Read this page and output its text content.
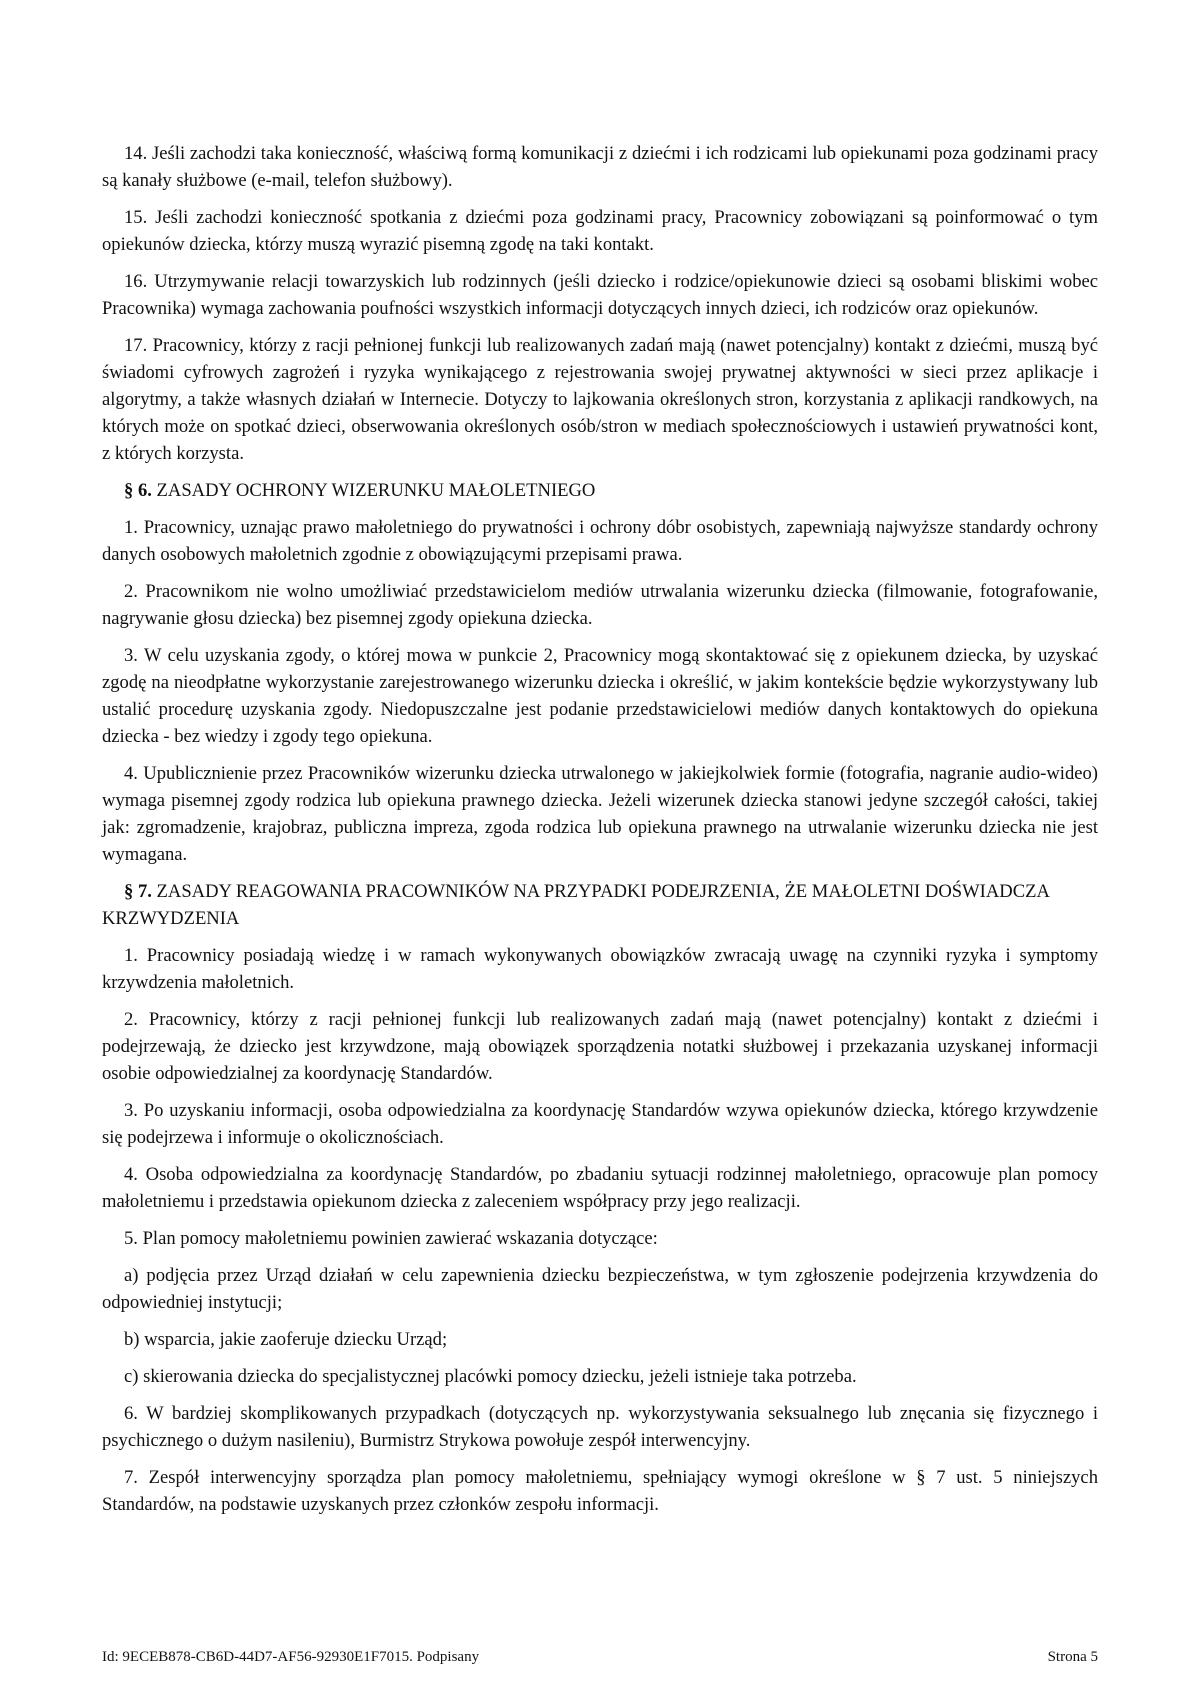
14. Jeśli zachodzi taka konieczność, właściwą formą komunikacji z dziećmi i ich rodzicami lub opiekunami poza godzinami pracy są kanały służbowe (e-mail, telefon służbowy).

15. Jeśli zachodzi konieczność spotkania z dziećmi poza godzinami pracy, Pracownicy zobowiązani są poinformować o tym opiekunów dziecka, którzy muszą wyrazić pisemną zgodę na taki kontakt.

16. Utrzymywanie relacji towarzyskich lub rodzinnych (jeśli dziecko i rodzice/opiekunowie dzieci są osobami bliskimi wobec Pracownika) wymaga zachowania poufności wszystkich informacji dotyczących innych dzieci, ich rodziców oraz opiekunów.

17. Pracownicy, którzy z racji pełnionej funkcji lub realizowanych zadań mają (nawet potencjalny) kontakt z dziećmi, muszą być świadomi cyfrowych zagrożeń i ryzyka wynikającego z rejestrowania swojej prywatnej aktywności w sieci przez aplikacje i algorytmy, a także własnych działań w Internecie. Dotyczy to lajkowania określonych stron, korzystania z aplikacji randkowych, na których może on spotkać dzieci, obserwowania określonych osób/stron w mediach społecznościowych i ustawień prywatności kont, z których korzysta.

§ 6. ZASADY OCHRONY WIZERUNKU MAŁOLETNIEGO

1. Pracownicy, uznając prawo małoletniego do prywatności i ochrony dóbr osobistych, zapewniają najwyższe standardy ochrony danych osobowych małoletnich zgodnie z obowiązującymi przepisami prawa.

2. Pracownikom nie wolno umożliwiać przedstawicielom mediów utrwalania wizerunku dziecka (filmowanie, fotografowanie, nagrywanie głosu dziecka) bez pisemnej zgody opiekuna dziecka.

3. W celu uzyskania zgody, o której mowa w punkcie 2, Pracownicy mogą skontaktować się z opiekunem dziecka, by uzyskać zgodę na nieodpłatne wykorzystanie zarejestrowanego wizerunku dziecka i określić, w jakim kontekście będzie wykorzystywany lub ustalić procedurę uzyskania zgody. Niedopuszczalne jest podanie przedstawicielowi mediów danych kontaktowych do opiekuna dziecka - bez wiedzy i zgody tego opiekuna.

4. Upublicznienie przez Pracowników wizerunku dziecka utrwalonego w jakiejkolwiek formie (fotografia, nagranie audio-wideo) wymaga pisemnej zgody rodzica lub opiekuna prawnego dziecka. Jeżeli wizerunek dziecka stanowi jedyne szczegół całości, takiej jak: zgromadzenie, krajobraz, publiczna impreza, zgoda rodzica lub opiekuna prawnego na utrwalanie wizerunku dziecka nie jest wymagana.

§ 7. ZASADY REAGOWANIA PRACOWNIKÓW NA PRZYPADKI PODEJRZENIA, ŻE MAŁOLETNI DOŚWIADCZA KRZWYDZENIA

1. Pracownicy posiadają wiedzę i w ramach wykonywanych obowiązków zwracają uwagę na czynniki ryzyka i symptomy krzywdzenia małoletnich.

2. Pracownicy, którzy z racji pełnionej funkcji lub realizowanych zadań mają (nawet potencjalny) kontakt z dziećmi i podejrzewają, że dziecko jest krzywdzone, mają obowiązek sporządzenia notatki służbowej i przekazania uzyskanej informacji osobie odpowiedzialnej za koordynację Standardów.

3. Po uzyskaniu informacji, osoba odpowiedzialna za koordynację Standardów wzywa opiekunów dziecka, którego krzywdzenie się podejrzewa i informuje o okolicznościach.

4. Osoba odpowiedzialna za koordynację Standardów, po zbadaniu sytuacji rodzinnej małoletniego, opracowuje plan pomocy małoletniemu i przedstawia opiekunom dziecka z zaleceniem współpracy przy jego realizacji.

5. Plan pomocy małoletniemu powinien zawierać wskazania dotyczące:

a) podjęcia przez Urząd działań w celu zapewnienia dziecku bezpieczeństwa, w tym zgłoszenie podejrzenia krzywdzenia do odpowiedniej instytucji;

b) wsparcia, jakie zaoferuje dziecku Urząd;

c) skierowania dziecka do specjalistycznej placówki pomocy dziecku, jeżeli istnieje taka potrzeba.

6. W bardziej skomplikowanych przypadkach (dotyczących np. wykorzystywania seksualnego lub znęcania się fizycznego i psychicznego o dużym nasileniu), Burmistrz Strykowa powołuje zespół interwencyjny.

7. Zespół interwencyjny sporządza plan pomocy małoletniemu, spełniający wymogi określone w § 7 ust. 5 niniejszych Standardów, na podstawie uzyskanych przez członków zespołu informacji.

Id: 9ECEB878-CB6D-44D7-AF56-92930E1F7015. Podpisany	Strona 5
